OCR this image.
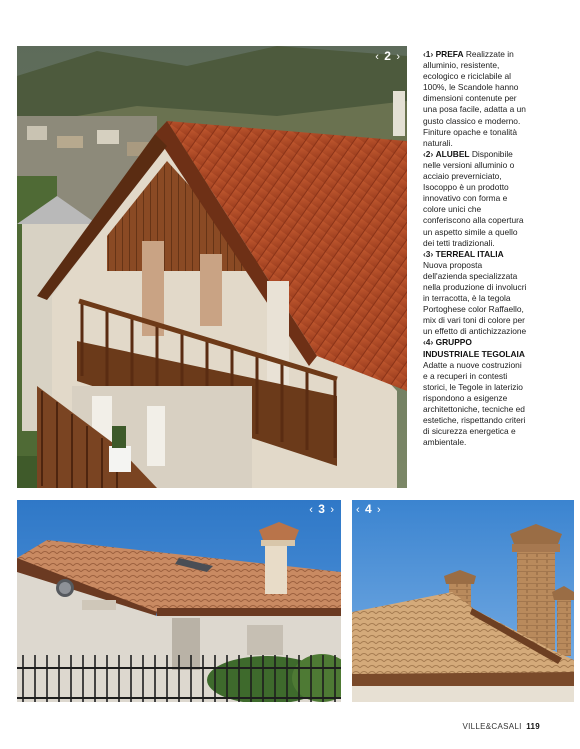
‹ 2 ›	‹1› PREFA Realizzate in alluminio, resistente, ecologico e riciclabile al 100%, le Scandole hanno dimensioni contenute per una posa facile, adatta a un gusto classico e moderno. Finiture opache e tonalità naturali.

‹2› ALUBEL Disponibile nelle versioni alluminio o acciaio preverniciato, Isocoppo è un prodotto innovativo con forma e colore unici che conferiscono alla copertura un aspetto simile a quello dei tetti tradizionali.

‹3› TERREAL ITALIA Nuova proposta dell'azienda specializzata nella produzione di involucri in terracotta, è la tegola Portoghese color Raffaello, mix di vari toni di colore per un effetto di antichizzazione

‹4› GRUPPO INDUSTRIALE TEGOLAIA Adatte a nuove costruzioni e a recuperi in contesti storici, le Tegole in laterizio rispondono a esigenze architettoniche, tecniche ed estetiche, rispettando criteri di sicurezza energetica e ambientale.

‹ 3 › ‹ 4 ›
VILLE&CASALI 119
